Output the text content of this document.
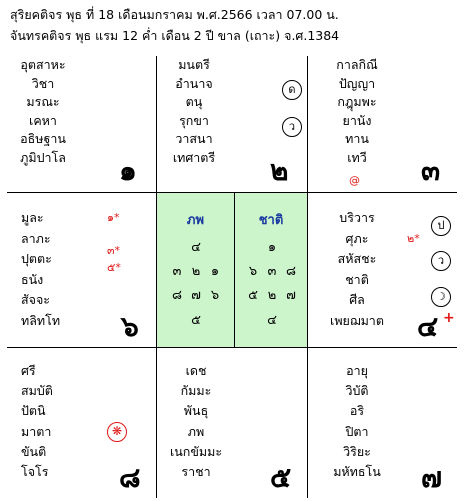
สุริยคติจร พุธ ที่ 18 เดือนมกราคม พ.ศ.2566 เวลา 07.00 น.
จันทรคติจร พุธ แรม 12 ค่ำ เดือน 2 ปี ขาล (เถาะ) จ.ศ.1384
อุตสาหะ
วิชา
มรณะ
เคหา
อธิษฐาน
ภูมิปาโล	๑
มนตรี
อำนาจ
ตนุ
รุกขา
วาสนา
เทศาตรี
ด
ว
๒
กาลกิณี
ปัญญา
กฎุมพะ
ยานัง
ทาน
เทวี
@ ๓
มูละ
ลาภะ
ปุตตะ
ธนัง
สัจจะ
ทลิทโท
๑*
๓*
๕*
๖
ภพ
๔
๓ ๒ ๑
๘ ๗ ๖
๕
ชาติ
๑
๖ ๓ ๘
๕ ๒ ๗
๔
บริวาร
ศุภะ
สหัสชะ
ชาติ
ศีล
เพยฌมาต
๒*
ป
ว
☽
๔ +
ศรี
สมบัติ
ปัตนิ
มาตา
ขันติ
โจโร
❋
๘
เดช
กัมมะ
พันธุ
ภพ
เนกขัมมะ
ราชา	๕
อายุ
วิบัติ
อริ
ปิตา
วิริยะ
มหัทธโน ๗
